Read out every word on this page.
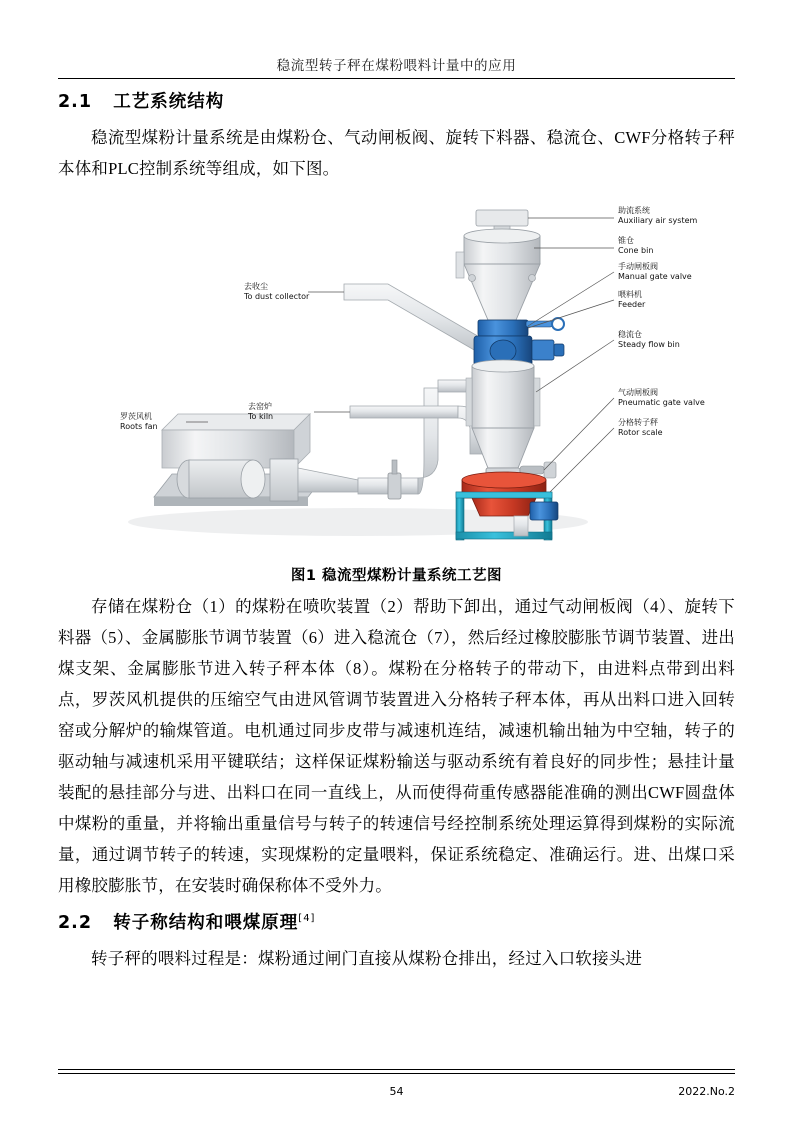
稳流型转子秤在煤粉喂料计量中的应用
2.1 工艺系统结构

稳流型煤粉计量系统是由煤粉仓、气动闸板阀、旋转下料器、稳流仓、CWF分格转子秤本体和PLC控制系统等组成，如下图。

助流系统
Auxiliary air system
锥仓
Cone bin
手动闸板阀
Manual gate valve
喂料机
Feeder
稳流仓
Steady flow bin
气动闸板阀
Pneumatic gate valve
分格转子秤
Rotor scale
去收尘
To dust collector
去窑炉
To kiln
罗茨风机
Roots fan
图1 稳流型煤粉计量系统工艺图

存储在煤粉仓（1）的煤粉在喷吹装置（2）帮助下卸出，通过气动闸板阀（4）、旋转下料器（5）、金属膨胀节调节装置（6）进入稳流仓（7），然后经过橡胶膨胀节调节装置、进出煤支架、金属膨胀节进入转子秤本体（8）。煤粉在分格转子的带动下，由进料点带到出料点，罗茨风机提供的压缩空气由进风管调节装置进入分格转子秤本体，再从出料口进入回转窑或分解炉的输煤管道。电机通过同步皮带与减速机连结，减速机输出轴为中空轴，转子的驱动轴与减速机采用平键联结；这样保证煤粉输送与驱动系统有着良好的同步性；悬挂计量装配的悬挂部分与进、出料口在同一直线上，从而使得荷重传感器能准确的测出CWF圆盘体中煤粉的重量，并将输出重量信号与转子的转速信号经控制系统处理运算得到煤粉的实际流量，通过调节转子的转速，实现煤粉的定量喂料，保证系统稳定、准确运行。进、出煤口采用橡胶膨胀节，在安装时确保称体不受外力。

2.2 转子称结构和喂煤原理[4]

转子秤的喂料过程是：煤粉通过闸门直接从煤粉仓排出，经过入口软接头进

54	2022.No.2
